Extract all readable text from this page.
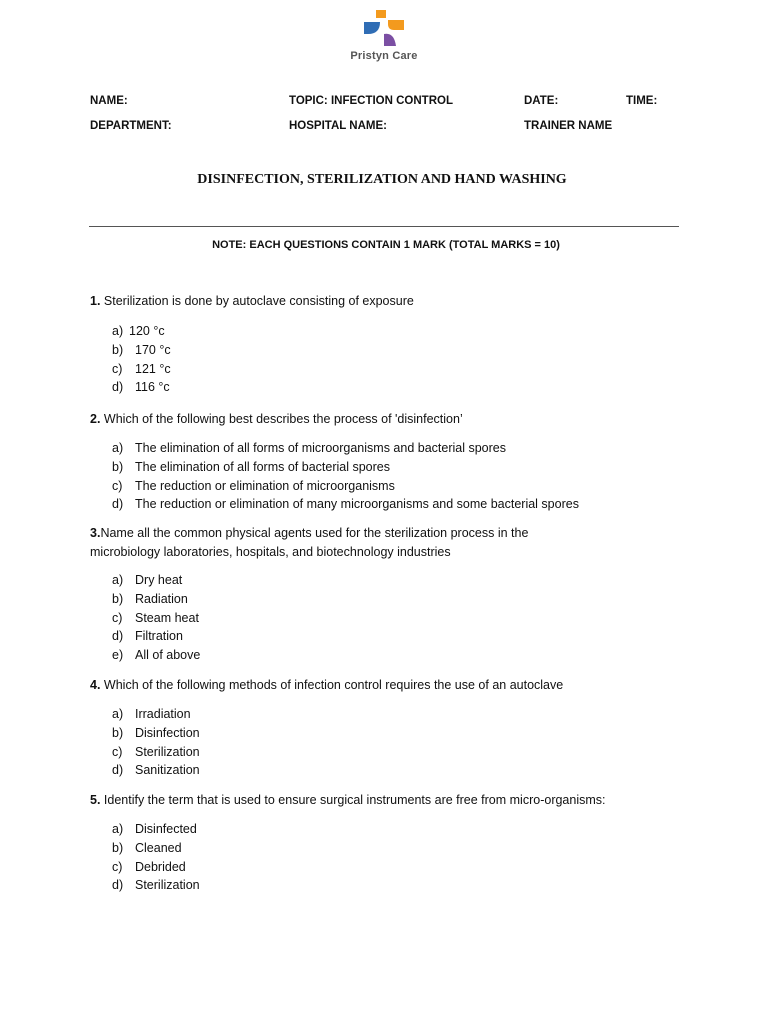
Pristyn Care
NAME:	TOPIC: INFECTION CONTROL	DATE:	TIME:
DEPARTMENT:	HOSPITAL NAME:	TRAINER NAME
DISINFECTION, STERILIZATION AND HAND WASHING
NOTE: EACH QUESTIONS CONTAIN 1 MARK (TOTAL MARKS = 10)
1. Sterilization is done by autoclave consisting of exposure
a) 120 °c
b) 170 °c
c) 121 °c
d) 116 °c
2. Which of the following best describes the process of 'disinfection’
a) The elimination of all forms of microorganisms and bacterial spores
b) The elimination of all forms of bacterial spores
c) The reduction or elimination of microorganisms
d) The reduction or elimination of many microorganisms and some bacterial spores
3.Name all the common physical agents used for the sterilization process in the
microbiology laboratories, hospitals, and biotechnology industries
a) Dry heat
b) Radiation
c) Steam heat
d) Filtration
e) All of above
4. Which of the following methods of infection control requires the use of an autoclave
a) Irradiation
b) Disinfection
c) Sterilization
d) Sanitization
5. Identify the term that is used to ensure surgical instruments are free from micro-organisms:
a) Disinfected
b) Cleaned
c) Debrided
d) Sterilization
